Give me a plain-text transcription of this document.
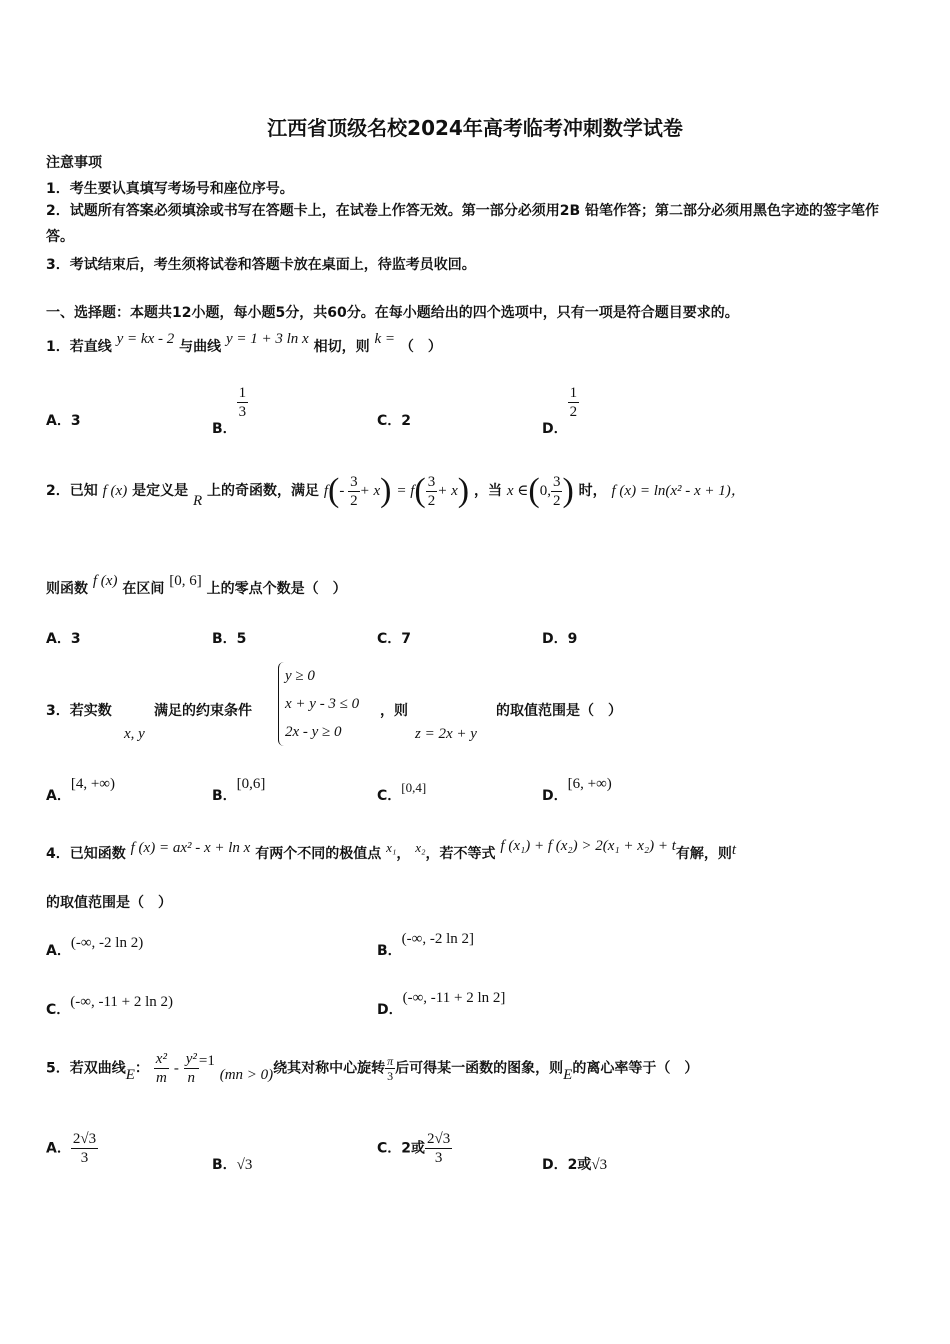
江西省顶级名校2024年高考临考冲刺数学试卷
注意事项
1．考生要认真填写考场号和座位序号。
2．试题所有答案必须填涂或书写在答题卡上，在试卷上作答无效。第一部分必须用2B 铅笔作答；第二部分必须用黑色字迹的签字笔作答。
3．考试结束后，考生须将试卷和答题卡放在桌面上，待监考员收回。
一、选择题：本题共12小题，每小题5分，共60分。在每小题给出的四个选项中，只有一项是符合题目要求的。
1．若直线 y = kx - 2 与曲线 y = 1 + 3 ln x 相切，则 k = （　）
A．3	B．
$\frac{1}{3}$	C．2	D．
$\frac{1}{2}$
2．已知 f (x) 是定义是 R 上的奇函数，满足 $f(- \frac{3}{2} + x) = f( \frac{3}{2} + x)$ ，当 x ∈(0, $\frac{3}{2}$ ) 时， f (x) = ln(x² - x + 1)，
则函数 f (x) 在区间 [0, 6] 上的零点个数是（　）
A．3	B．5	C．7	D．9
3．若实数
x, y
满足的约束条件
y ≥ 0
x + y - 3 ≤ 0
2x - y ≥ 0
，则
z = 2x + y
的取值范围是（　）
A．[4, +∞)
B．[0,6]
C．[0,4]
D．[6, +∞)
4．已知函数 f (x) = ax² - x + ln x 有两个不同的极值点 x₁， x₂，若不等式 f (x₁) + f (x₂) > 2(x₁ + x₂) + t有解，则t
的取值范围是（　）
A．(-∞, -2 ln 2)	B．(-∞, -2 ln 2]
C．(-∞, -11 + 2 ln 2)	D．(-∞, -11 + 2 ln 2]
5．若双曲线E： $\frac{\text{x²}}{m} - \frac{\text{y²}}{n} =1$ (mn > 0)绕其对称中心旋转 $\frac{\pi}{3}$ 后可得某一函数的图象，则E的离心率等于（　）
A． $\frac{2√3}{3}$	B．√3
C．2或 $\frac{2√3}{3}$	D．2或√3
